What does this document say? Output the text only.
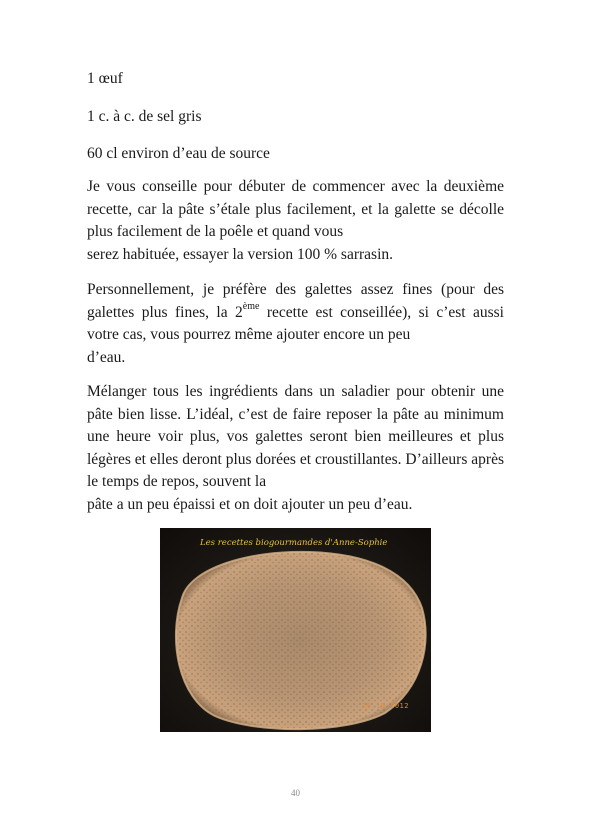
1 œuf
1 c. à c. de sel gris
60 cl environ d’eau de source

Je vous conseille pour débuter de commencer avec la deuxième recette, car la pâte s’étale plus facilement, et la galette se décolle plus facilement de la poêle et quand vous
serez habituée, essayer la version 100 % sarrasin.

Personnellement, je préfère des galettes assez fines (pour des galettes plus fines, la 2ème recette est conseillée), si c’est aussi votre cas, vous pourrez même ajouter encore un peu
d’eau.

Mélanger tous les ingrédients dans un saladier pour obtenir une pâte bien lisse. L’idéal, c’est de faire reposer la pâte au minimum une heure voir plus, vos galettes seront bien meilleures et plus légères et elles deront plus dorées et croustillantes. D’ailleurs après le temps de repos, souvent la
pâte a un peu épaissi et on doit ajouter un peu d’eau.

Les recettes biogourmandes d'Anne-Sophie
29.10.2012
40
